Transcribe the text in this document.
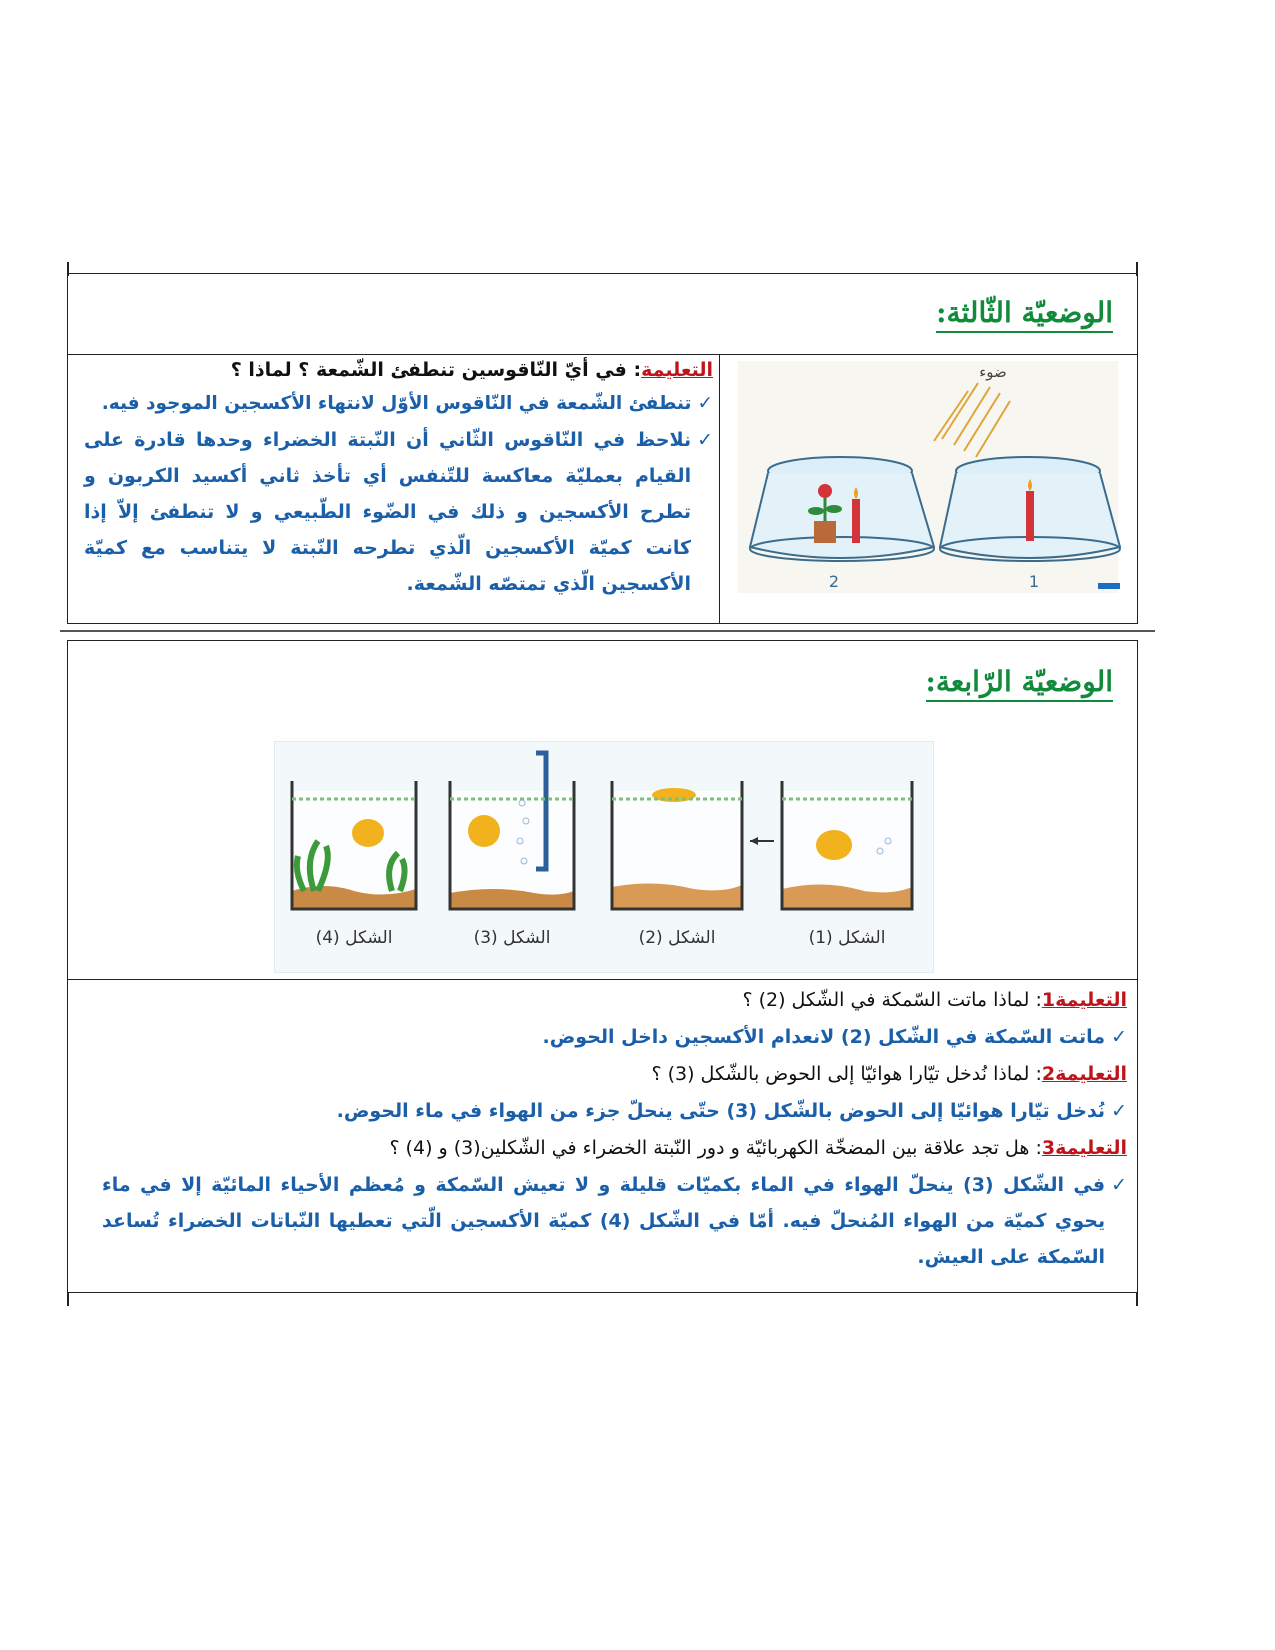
الوضعيّة الثّالثة:
ضوء
2	1
التعليمة: في أيّ النّاقوسين تنطفئ الشّمعة ؟ لماذا ؟
✓تنطفئ الشّمعة في النّاقوس الأوّل لانتهاء الأكسجين الموجود فيه.
✓
نلاحظ في النّاقوس الثّاني أن النّبتة الخضراء وحدها قادرة على القيام بعمليّة معاكسة للتّنفس أي تأخذ ثاني أكسيد الكربون و تطرح الأكسجين و ذلك في الضّوء الطّبيعي و لا تنطفئ إلاّ إذا كانت كميّة الأكسجين الّذي تطرحه النّبتة لا يتناسب مع كميّة الأكسجين الّذي تمتصّه الشّمعة.
الوضعيّة الرّابعة:
الشكل (4)	الشكل (3)	الشكل (2)	الشكل (1)
التعليمة1: لماذا ماتت السّمكة في الشّكل (2) ؟
✓ماتت السّمكة في الشّكل (2) لانعدام الأكسجين داخل الحوض.
التعليمة2: لماذا نُدخل تيّارا هوائيّا إلى الحوض بالشّكل (3) ؟
✓نُدخل تيّارا هوائيّا إلى الحوض بالشّكل (3) حتّى ينحلّ جزء من الهواء في ماء الحوض.
التعليمة3: هل تجد علاقة بين المضخّة الكهربائيّة و دور النّبتة الخضراء في الشّكلين(3) و (4) ؟
✓
في الشّكل (3) ينحلّ الهواء في الماء بكميّات قليلة و لا تعيش السّمكة و مُعظم الأحياء المائيّة إلا في ماء يحوي كميّة من الهواء المُنحلّ فيه. أمّا في الشّكل (4) كميّة الأكسجين الّتي تعطيها النّباتات الخضراء تُساعد السّمكة على العيش.
